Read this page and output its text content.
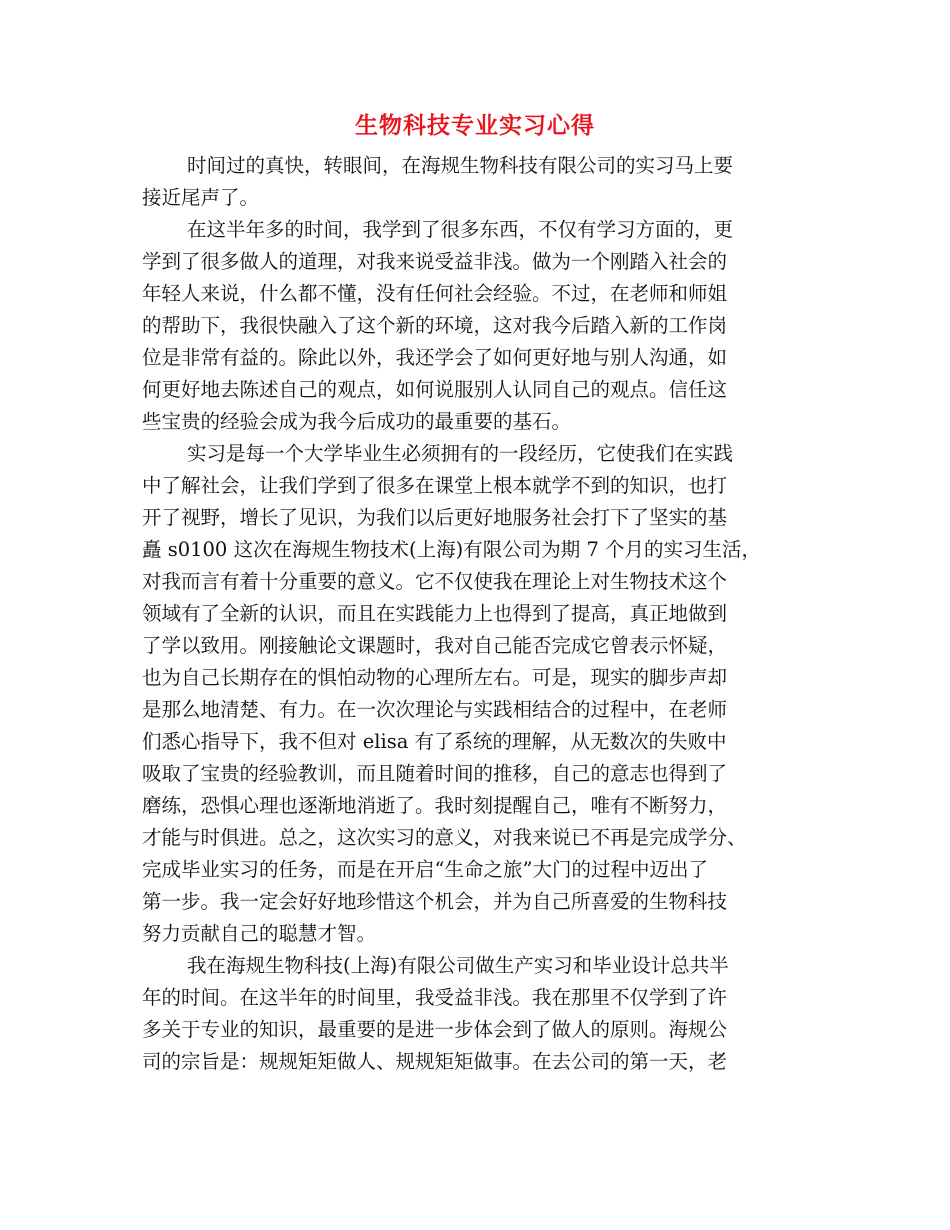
生物科技专业实习心得
时间过的真快，转眼间，在海规生物科技有限公司的实习马上要
接近尾声了。
在这半年多的时间，我学到了很多东西，不仅有学习方面的，更
学到了很多做人的道理，对我来说受益非浅。做为一个刚踏入社会的
年轻人来说，什么都不懂，没有任何社会经验。不过，在老师和师姐
的帮助下，我很快融入了这个新的环境，这对我今后踏入新的工作岗
位是非常有益的。除此以外，我还学会了如何更好地与别人沟通，如
何更好地去陈述自己的观点，如何说服别人认同自己的观点。信任这
些宝贵的经验会成为我今后成功的最重要的基石。
实习是每一个大学毕业生必须拥有的一段经历，它使我们在实践
中了解社会，让我们学到了很多在课堂上根本就学不到的知识，也打
开了视野，增长了见识，为我们以后更好地服务社会打下了坚实的基
矗 s0100 这次在海规生物技术(上海)有限公司为期 7 个月的实习生活，
对我而言有着十分重要的意义。它不仅使我在理论上对生物技术这个
领域有了全新的认识，而且在实践能力上也得到了提高，真正地做到
了学以致用。刚接触论文课题时，我对自己能否完成它曾表示怀疑，
也为自己长期存在的惧怕动物的心理所左右。可是，现实的脚步声却
是那么地清楚、有力。在一次次理论与实践相结合的过程中，在老师
们悉心指导下，我不但对 elisa 有了系统的理解，从无数次的失败中
吸取了宝贵的经验教训，而且随着时间的推移，自己的意志也得到了
磨练，恐惧心理也逐渐地消逝了。我时刻提醒自己，唯有不断努力，
才能与时俱进。总之，这次实习的意义，对我来说已不再是完成学分、
完成毕业实习的任务，而是在开启“生命之旅”大门的过程中迈出了
第一步。我一定会好好地珍惜这个机会，并为自己所喜爱的生物科技
努力贡献自己的聪慧才智。
我在海规生物科技(上海)有限公司做生产实习和毕业设计总共半
年的时间。在这半年的时间里，我受益非浅。我在那里不仅学到了许
多关于专业的知识，最重要的是进一步体会到了做人的原则。海规公
司的宗旨是：规规矩矩做人、规规矩矩做事。在去公司的第一天，老
